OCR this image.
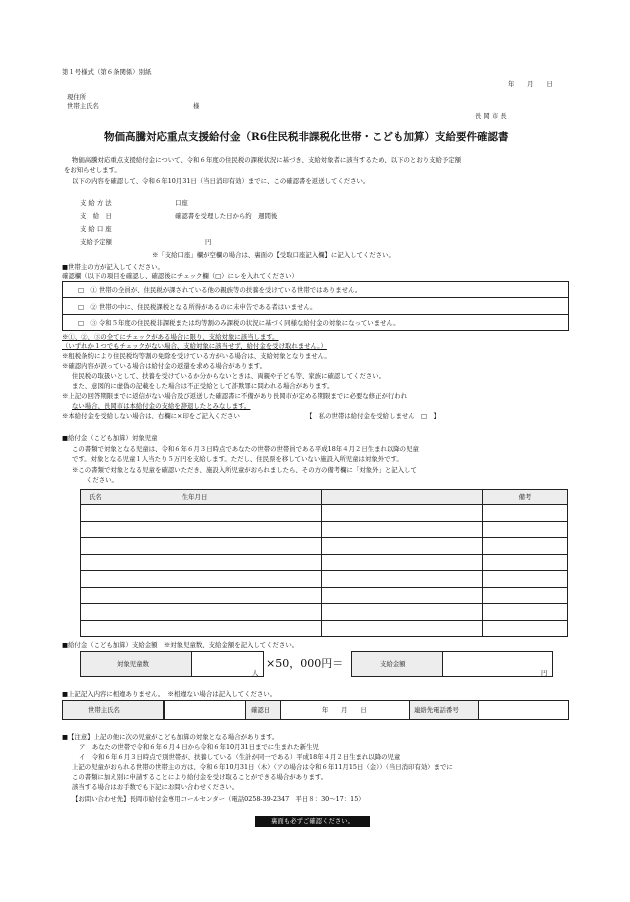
第１号様式（第６条関係）別紙
年　　月　　日
現住所
世帯主氏名	様
長 岡 市 長
物価高騰対応重点支援給付金（R6住民税非課税化世帯・こども加算）支給要件確認書
物価高騰対応重点支援給付金について、令和６年度の住民税の課税状況に基づき、支給対象者に該当するため、以下のとおり支給予定額
をお知らせします。
以下の内容を確認して、令和６年10月31日（当日消印有効）までに、この確認書を返送してください。
支 給 方 法	口座
支　給　日	確認書を受理した日から約　週間後
支 給 口 座
支給予定額	円
※「支給口座」欄が空欄の場合は、裏面の【受取口座記入欄】に記入してください。
■世帯主の方が記入してください。
確認欄（以下の項目を確認し、確認後にチェック欄（□）にレを入れてください）
□　① 世帯の全員が、住民税が課されている他の親族等の扶養を受けている世帯ではありません。
□　② 世帯の中に、住民税課税となる所得があるのに未申告である者はいません。
□　③ 令和５年度の住民税非課税または均等割のみ課税の状況に基づく同様な給付金の対象になっていません。
※①、②、③の全てにチェックがある場合に限り、支給対象に該当します。
（いずれか１つでもチェックがない場合、支給対象に該当せず、給付金を受け取れません。）
※租税条約により住民税均等割の免除を受けている方がいる場合は、支給対象となりません。
※確認内容が誤っている場合は給付金の返還を求める場合があります。
住民税の取扱いとして、扶養を受けているか分からないときは、両親や子ども等、家族に確認してください。
また、意図的に虚偽の記載をした場合は不正受給として詐欺罪に問われる場合があります。
※上記の回答期限までに返信がない場合及び返送した確認書に不備があり長岡市が定める期限までに必要な修正が行われ
ない場合、長岡市は本給付金の支給を辞退したとみなします。
※本給付金を受給しない場合は、右欄に×印をご記入ください	【　私の世帯は給付金を受給しません　□　】
■給付金（こども加算）対象児童
この書類で対象となる児童は、令和６年６月３日時点であなたの世帯の世帯員である平成18年４月２日生まれ以降の児童
です。対象となる児童１人当たり５万円を支給します。ただし、住民票を移していない施設入所児童は対象外です。
※この書類で対象となる児童を確認いただき、施設入所児童がおられましたら、その方の備考欄に「対象外」と記入して
ください。
氏名 生年月日		備考

■給付金（こども加算）支給金額　※対象児童数、支給金額を記入してください。
対象児童数
人
×50，000円＝	支給金額
円
■上記記入内容に相違ありません。　※相違ない場合は記入してください。
世帯主氏名	確認日	年　　月　　日	連絡先電話番号
■【注意】上記の他に次の児童がこども加算の対象となる場合があります。
ア　あなたの世帯で令和６年６月４日から令和６年10月31日までに生まれた新生児
イ　令和６年６月３日時点で別世帯が、扶養している（生計が同一である）平成18年４月２日生まれ以降の児童
上記の児童がおられる世帯の世帯主の方は、令和６年10月31日（木）（アの場合は令和６年11月15日（金））（当日消印有効）までに
この書類に加え別に申請することにより給付金を受け取ることができる場合があります。
該当する場合はお手数でも下記にお問い合わせください。
【お問い合わせ先】長岡市給付金専用コールセンター（電話0258-39-2347　平日８：30～17：15）
裏面も必ずご確認ください。
